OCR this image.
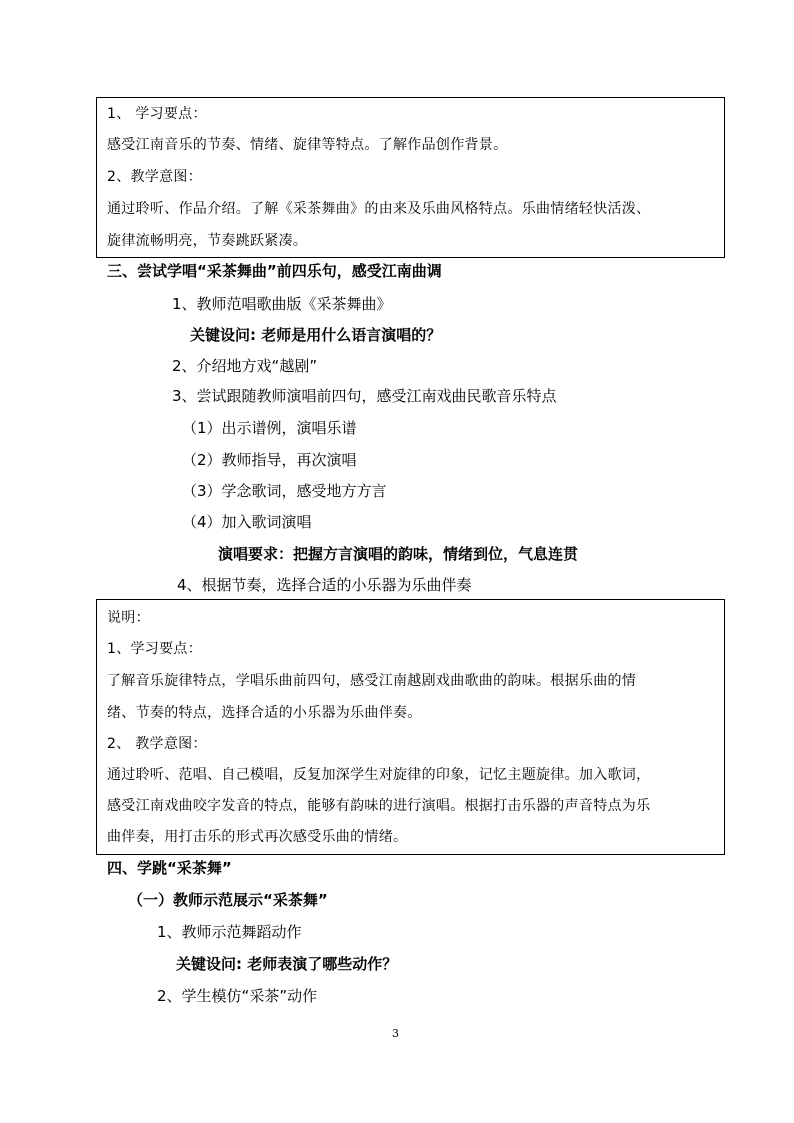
1、 学习要点：
感受江南音乐的节奏、情绪、旋律等特点。了解作品创作背景。
2、教学意图：
通过聆听、作品介绍。了解《采茶舞曲》的由来及乐曲风格特点。乐曲情绪轻快活泼、
旋律流畅明亮，节奏跳跃紧凑。
三、尝试学唱“采茶舞曲”前四乐句，感受江南曲调
1、教师范唱歌曲版《采茶舞曲》
关键设问: 老师是用什么语言演唱的？
2、介绍地方戏“越剧”
3、尝试跟随教师演唱前四句，感受江南戏曲民歌音乐特点
（1）出示谱例，演唱乐谱
（2）教师指导，再次演唱
（3）学念歌词，感受地方方言
（4）加入歌词演唱
演唱要求：把握方言演唱的韵味，情绪到位，气息连贯
4、根据节奏，选择合适的小乐器为乐曲伴奏
说明：
1、学习要点：
了解音乐旋律特点，学唱乐曲前四句，感受江南越剧戏曲歌曲的韵味。根据乐曲的情
绪、节奏的特点，选择合适的小乐器为乐曲伴奏。
2、 教学意图：
通过聆听、范唱、自己模唱，反复加深学生对旋律的印象，记忆主题旋律。加入歌词，
感受江南戏曲咬字发音的特点，能够有韵味的进行演唱。根据打击乐器的声音特点为乐
曲伴奏，用打击乐的形式再次感受乐曲的情绪。
四、学跳“采茶舞”
（一）教师示范展示“采茶舞”
1、教师示范舞蹈动作
关键设问: 老师表演了哪些动作？
2、学生模仿“采茶”动作
3
